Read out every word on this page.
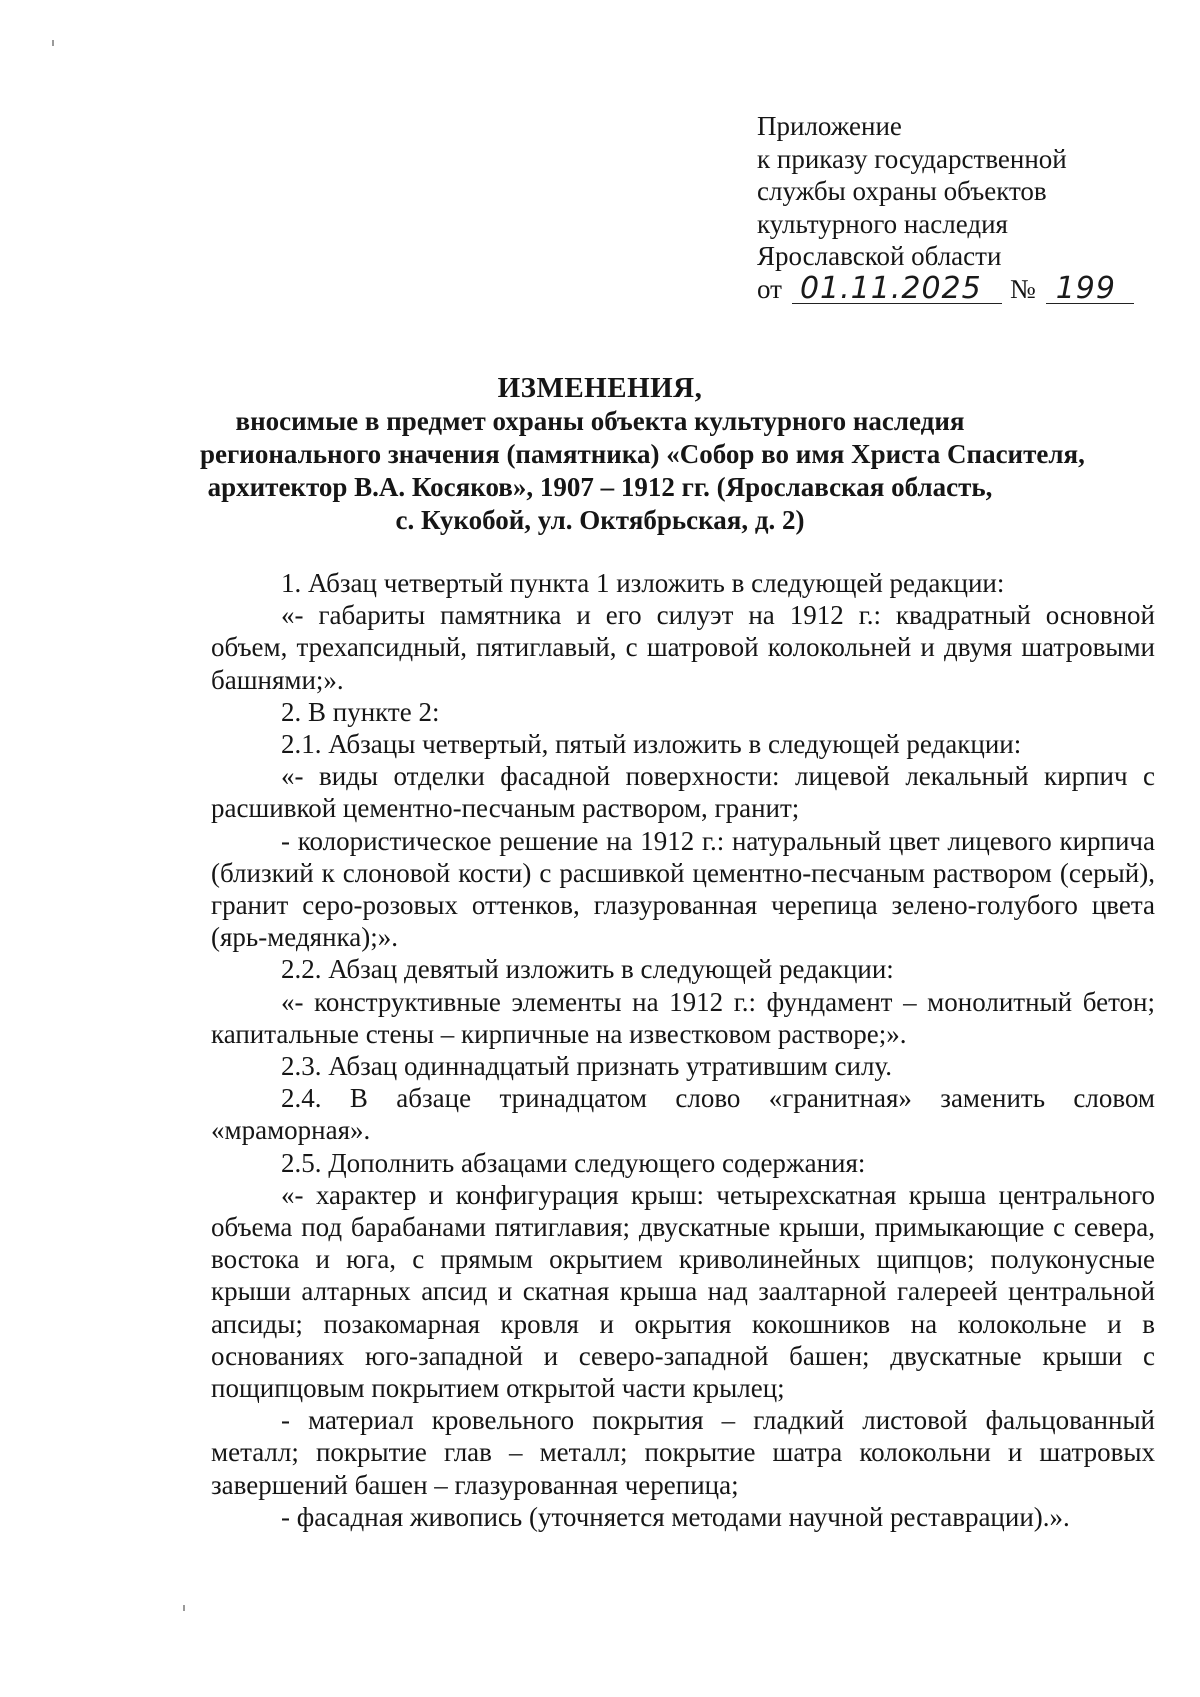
Приложение
к приказу государственной
службы охраны объектов
культурного наследия
Ярославской области
от 01.11.2025	№ 199
ИЗМЕНЕНИЯ,
вносимые в предмет охраны объекта культурного наследия
регионального значения (памятника) «Собор во имя Христа Спасителя,
архитектор В.А. Косяков», 1907 – 1912 гг. (Ярославская область,
с. Кукобой, ул. Октябрьская, д. 2)

1. Абзац четвертый пункта 1 изложить в следующей редакции:

«- габариты памятника и его силуэт на 1912 г.: квадратный основной объем, трехапсидный, пятиглавый, с шатровой колокольней и двумя шатровыми башнями;».

2. В пункте 2:

2.1. Абзацы четвертый, пятый изложить в следующей редакции:

«- виды отделки фасадной поверхности: лицевой лекальный кирпич с расшивкой цементно-песчаным раствором, гранит;

- колористическое решение на 1912 г.: натуральный цвет лицевого кирпича (близкий к слоновой кости) с расшивкой цементно-песчаным раствором (серый), гранит серо-розовых оттенков, глазурованная черепица зелено-голубого цвета (ярь-медянка);».

2.2. Абзац девятый изложить в следующей редакции:

«- конструктивные элементы на 1912 г.: фундамент – монолитный бетон; капитальные стены – кирпичные на известковом растворе;».

2.3. Абзац одиннадцатый признать утратившим силу.

2.4. В абзаце тринадцатом слово «гранитная» заменить словом «мраморная».

2.5. Дополнить абзацами следующего содержания:

«- характер и конфигурация крыш: четырехскатная крыша центрального объема под барабанами пятиглавия; двускатные крыши, примыкающие с севера, востока и юга, с прямым окрытием криволинейных щипцов; полуконусные крыши алтарных апсид и скатная крыша над заалтарной галереей центральной апсиды; позакомарная кровля и окрытия кокошников на колокольне и в основаниях юго-западной и северо-западной башен; двускатные крыши с пощипцовым покрытием открытой части крылец;

- материал кровельного покрытия – гладкий листовой фальцованный металл; покрытие глав – металл; покрытие шатра колокольни и шатровых завершений башен – глазурованная черепица;

- фасадная живопись (уточняется методами научной реставрации).».
